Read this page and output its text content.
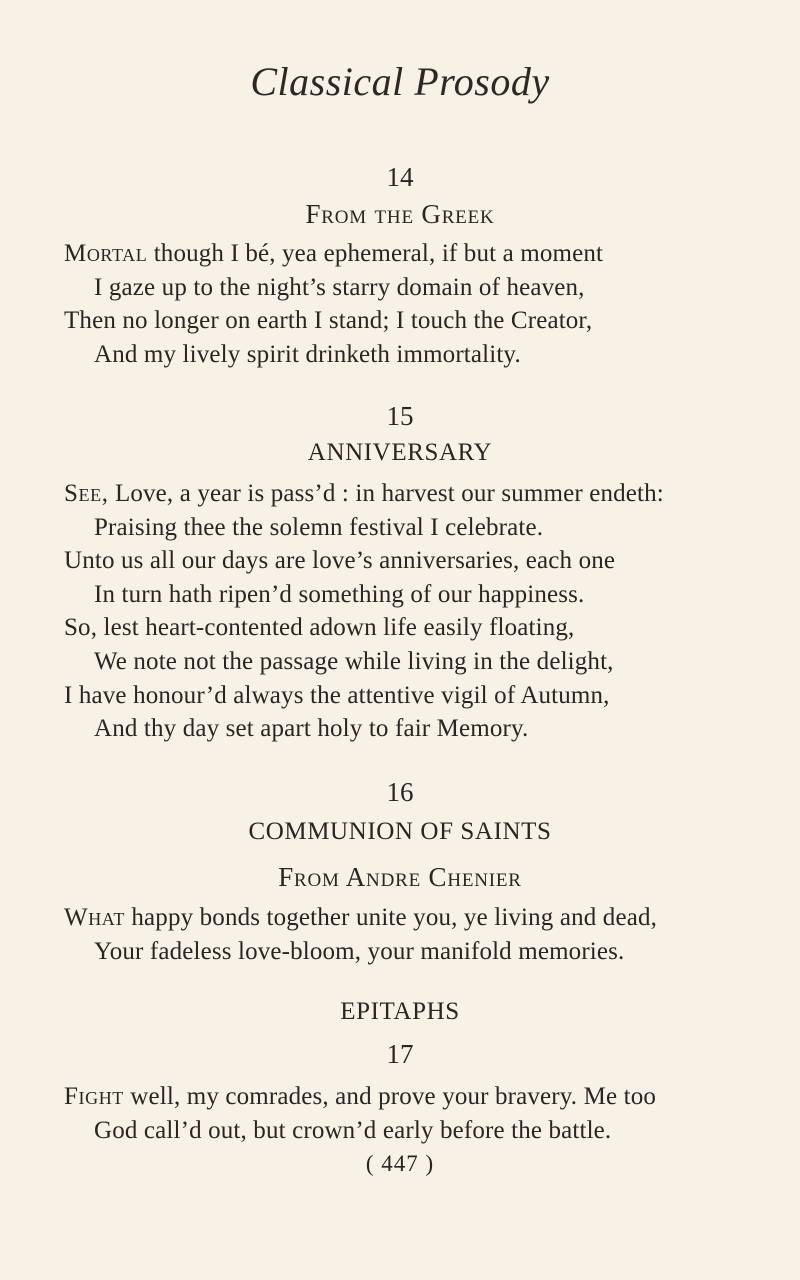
Classical Prosody
14
From the Greek
Mortal though I bé, yea ephemeral, if but a moment
I gaze up to the night’s starry domain of heaven,
Then no longer on earth I stand; I touch the Creator,
And my lively spirit drinketh immortality.
15
ANNIVERSARY
See, Love, a year is pass’d : in harvest our summer endeth:
Praising thee the solemn festival I celebrate.
Unto us all our days are love’s anniversaries, each one
In turn hath ripen’d something of our happiness.
So, lest heart-contented adown life easily floating,
We note not the passage while living in the delight,
I have honour’d always the attentive vigil of Autumn,
And thy day set apart holy to fair Memory.
16
COMMUNION OF SAINTS
From Andre Chenier
What happy bonds together unite you, ye living and dead,
Your fadeless love-bloom, your manifold memories.
EPITAPHS
17
Fight well, my comrades, and prove your bravery. Me too
God call’d out, but crown’d early before the battle.
( 447 )
